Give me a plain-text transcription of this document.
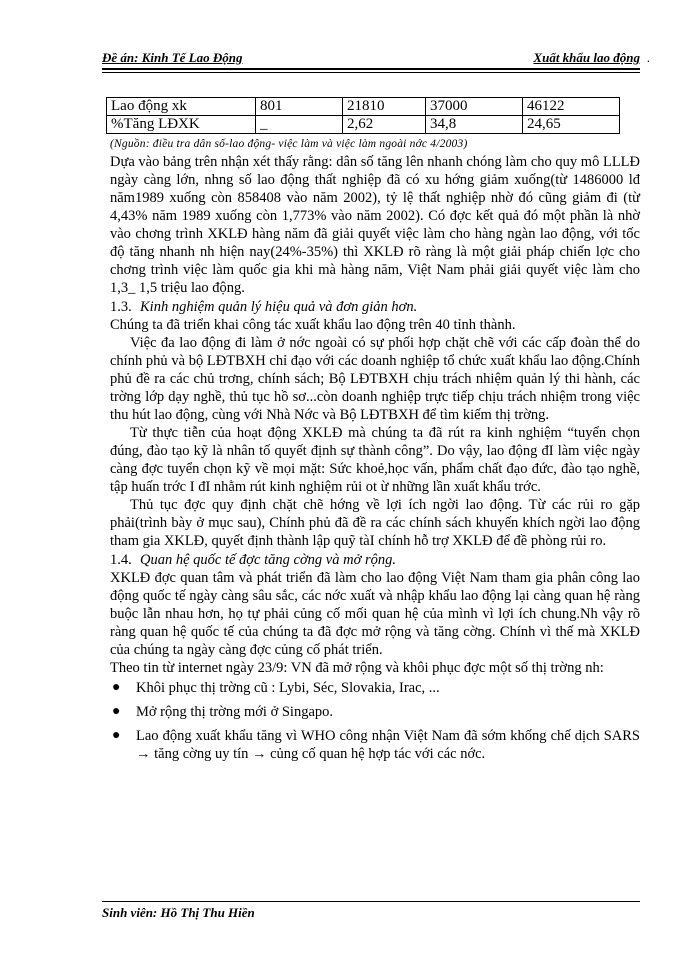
Đề án: Kinh Tế Lao Động	Xuất khẩu lao động .
Lao động xk	801	21810	37000	46122
%Tăng LĐXK	_	2,62	34,8	24,65
(Nguồn: điều tra dân số-lao động- việc làm và việc làm ngoài nớc 4/2003)

Dựa vào bảng trên nhận xét thấy rằng: dân số tăng lên nhanh chóng làm cho quy mô LLLĐ ngày càng lớn, nhng số lao động thất nghiệp đã có xu hớng giảm xuống(từ 1486000 lđ năm1989 xuống còn 858408 vào năm 2002), tỷ lệ thất nghiệp nhờ đó cũng giảm đi (từ 4,43% năm 1989 xuống còn 1,773% vào năm 2002). Có đợc kết quả đó một phần là nhờ vào chơng trình XKLĐ hàng năm đã giải quyết việc làm cho hàng ngàn lao động, với tốc độ tăng nhanh nh hiện nay(24%-35%) thì XKLĐ rõ ràng là một giải pháp chiến lợc cho chơng trình việc làm quốc gia khi mà hàng năm, Việt Nam phải giải quyết việc làm cho 1,3_ 1,5 triệu lao động.

1.3. Kinh nghiệm quản lý hiệu quả và đơn giản hơn.

Chúng ta đã triển khai công tác xuất khẩu lao động trên 40 tỉnh thành.

Việc đa lao động đi làm ở nớc ngoài có sự phối hợp chặt chẽ với các cấp đoàn thể do chính phủ và bộ LĐTBXH chỉ đạo với các doanh nghiệp tổ chức xuất khẩu lao động.Chính phủ đề ra các chủ trơng, chính sách; Bộ LĐTBXH chịu trách nhiệm quản lý thi hành, các trờng lớp dạy nghề, thủ tục hồ sơ...còn doanh nghiệp trực tiếp chịu trách nhiệm trong việc thu hút lao động, cùng với Nhà Nớc và Bộ LĐTBXH để tìm kiếm thị trờng.

Từ thực tiễn của hoạt động XKLĐ mà chúng ta đã rút ra kinh nghiệm “tuyển chọn đúng, đào tạo kỹ là nhân tố quyết định sự thành công”. Do vậy, lao động đI làm việc ngày càng đợc tuyển chọn kỹ về mọi mặt: Sức khoẻ,học vấn, phẩm chất đạo đức, đào tạo nghề, tập huấn trớc I đI nhằm rút kinh nghiệm rủi ot ừ những lần xuất khẩu trớc.

Thủ tục đợc quy định chặt chẽ hớng về lợi ích ngời lao động. Từ các rủi ro gặp phải(trình bày ở mục sau), Chính phủ đã đề ra các chính sách khuyến khích ngời lao động tham gia XKLĐ, quyết định thành lập quỹ tàI chính hỗ trợ XKLĐ để đề phòng rủi ro.

1.4. Quan hệ quốc tế đợc tăng cờng và mở rộng.

XKLĐ đợc quan tâm và phát triển đã làm cho lao động Việt Nam tham gia phân công lao động quốc tế ngày càng sâu sắc, các nớc xuất và nhập khẩu lao động lại càng quan hệ ràng buộc lẫn nhau hơn, họ tự phải củng cố mối quan hệ của mình vì lợi ích chung.Nh vậy rõ ràng quan hệ quốc tế của chúng ta đã đợc mở rộng và tăng cờng. Chính vì thế mà XKLĐ của chúng ta ngày càng đợc củng cố phát triển.

Theo tin từ internet ngày 23/9: VN đã mở rộng và khôi phục đợc một số thị trờng nh:

● Khôi phục thị trờng cũ : Lybi, Séc, Slovakia, Irac, ...
● Mở rộng thị trờng mới ở Singapo.
● Lao động xuất khẩu tăng vì WHO công nhận Việt Nam đã sớm khống chế dịch SARS → tăng cờng uy tín → củng cố quan hệ hợp tác với các nớc.
Sinh viên: Hồ Thị Thu Hiền
